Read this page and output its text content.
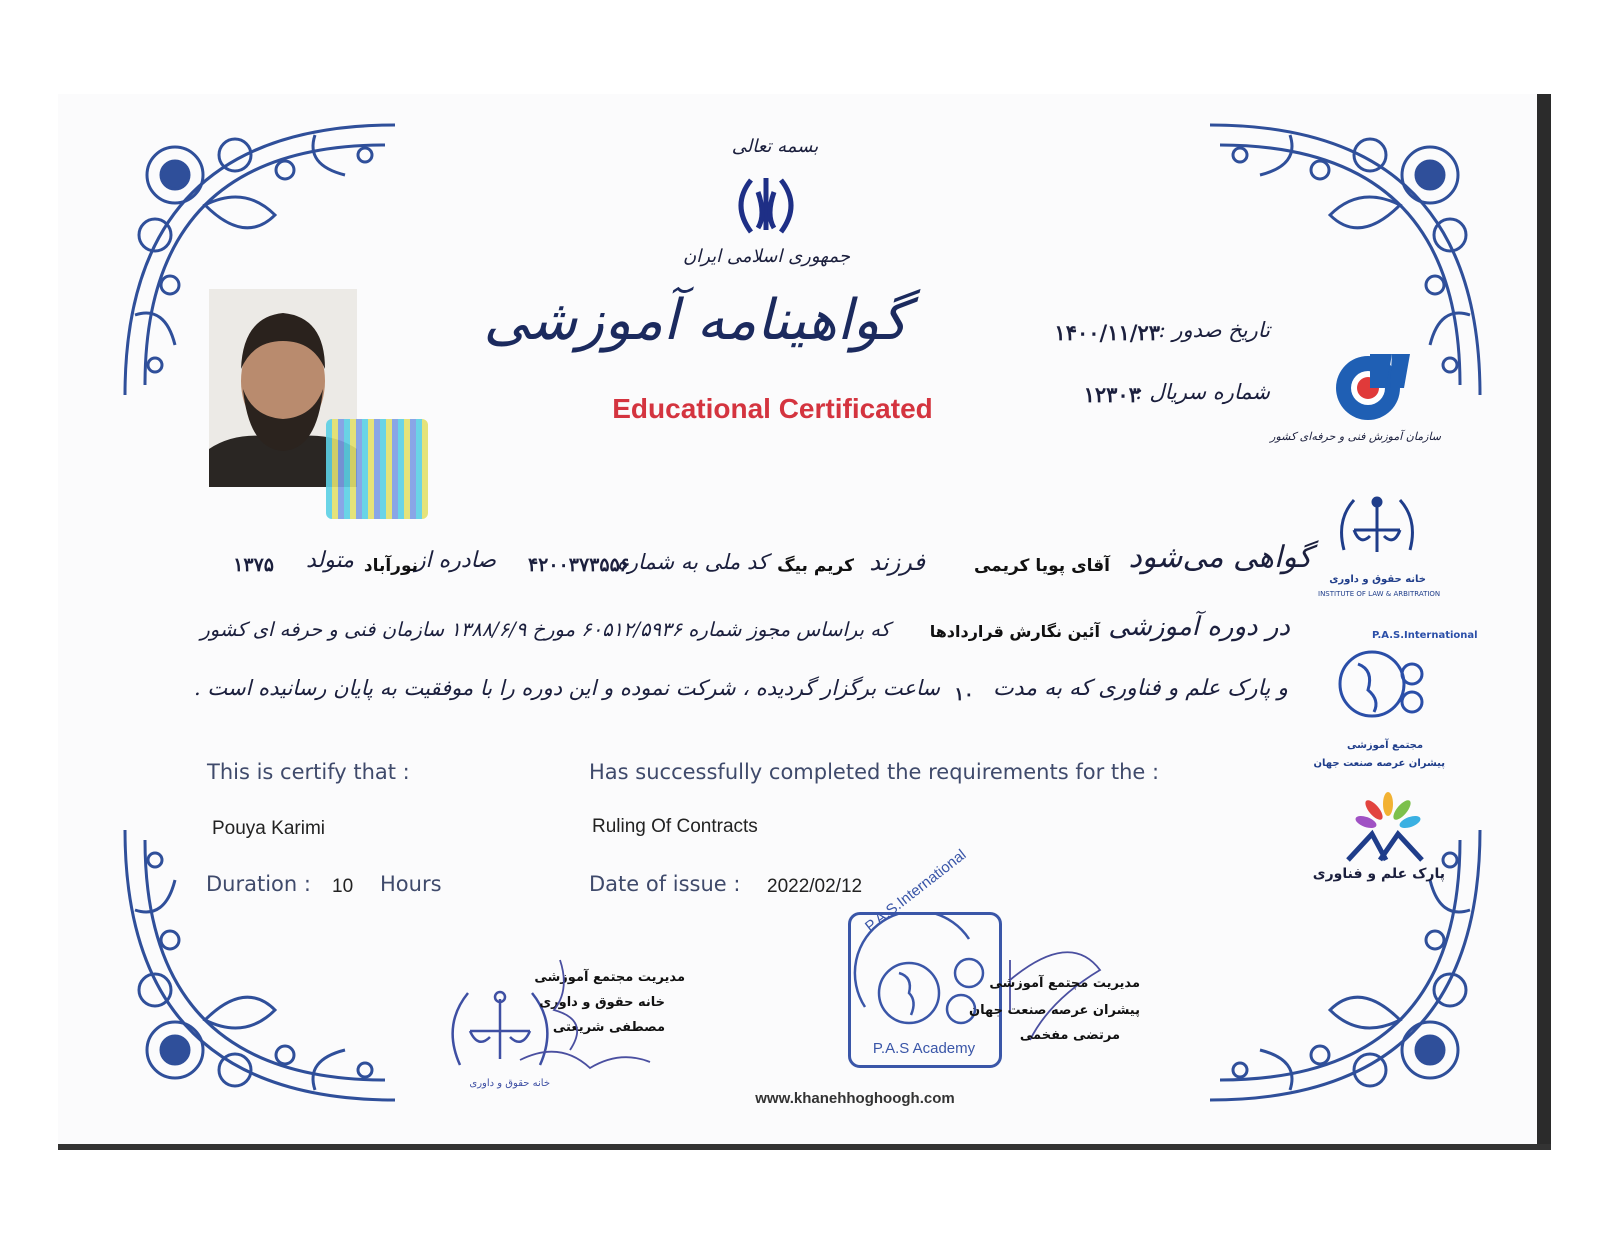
بسمه تعالی
جمهوری اسلامی ایران
گواهینامه آموزشی
Educational Certificated
تاریخ صدور :
۱۴۰۰/۱۱/۲۳
شماره سریال :
۱۲۳۰۳
سازمان آموزش فنی و حرفه‌ای کشور
خانه حقوق و داوری
INSTITUTE OF LAW & ARBITRATION
P.A.S.International
مجتمع آموزشی
پیشران عرصه صنعت جهان
پارک علم و فناوری
گواهی می‌شود
آقای پویا کریمی
فرزند
کریم بیگ
کد ملی به شماره
۴۲۰۰۳۷۳۵۵۶
صادره از
نورآباد
متولد
۱۳۷۵
در دوره آموزشی
آئین نگارش قراردادها
که براساس مجوز شماره ۶۰۵۱۲/۵۹۳۶ مورخ ۱۳۸۸/۶/۹ سازمان فنی و حرفه ای کشور
و پارک علم و فناوری که به مدت
۱۰
ساعت برگزار گردیده ، شرکت نموده و این دوره را با موفقیت به پایان رسانیده است .
This is certify that :	Has successfully completed the requirements for the :
Pouya Karimi	Ruling Of Contracts
Duration : 10 Hours	Date of issue : 2022/02/12
مدیریت مجتمع آموزشی
خانه حقوق و داوری
مصطفی شریعتی
خانه حقوق و داوری
P.A.S.International
P.A.S Academy
مدیریت مجتمع آموزشی
پیشران عرصه صنعت جهان
مرتضی مفخمی
www.khanehhoghoogh.com
